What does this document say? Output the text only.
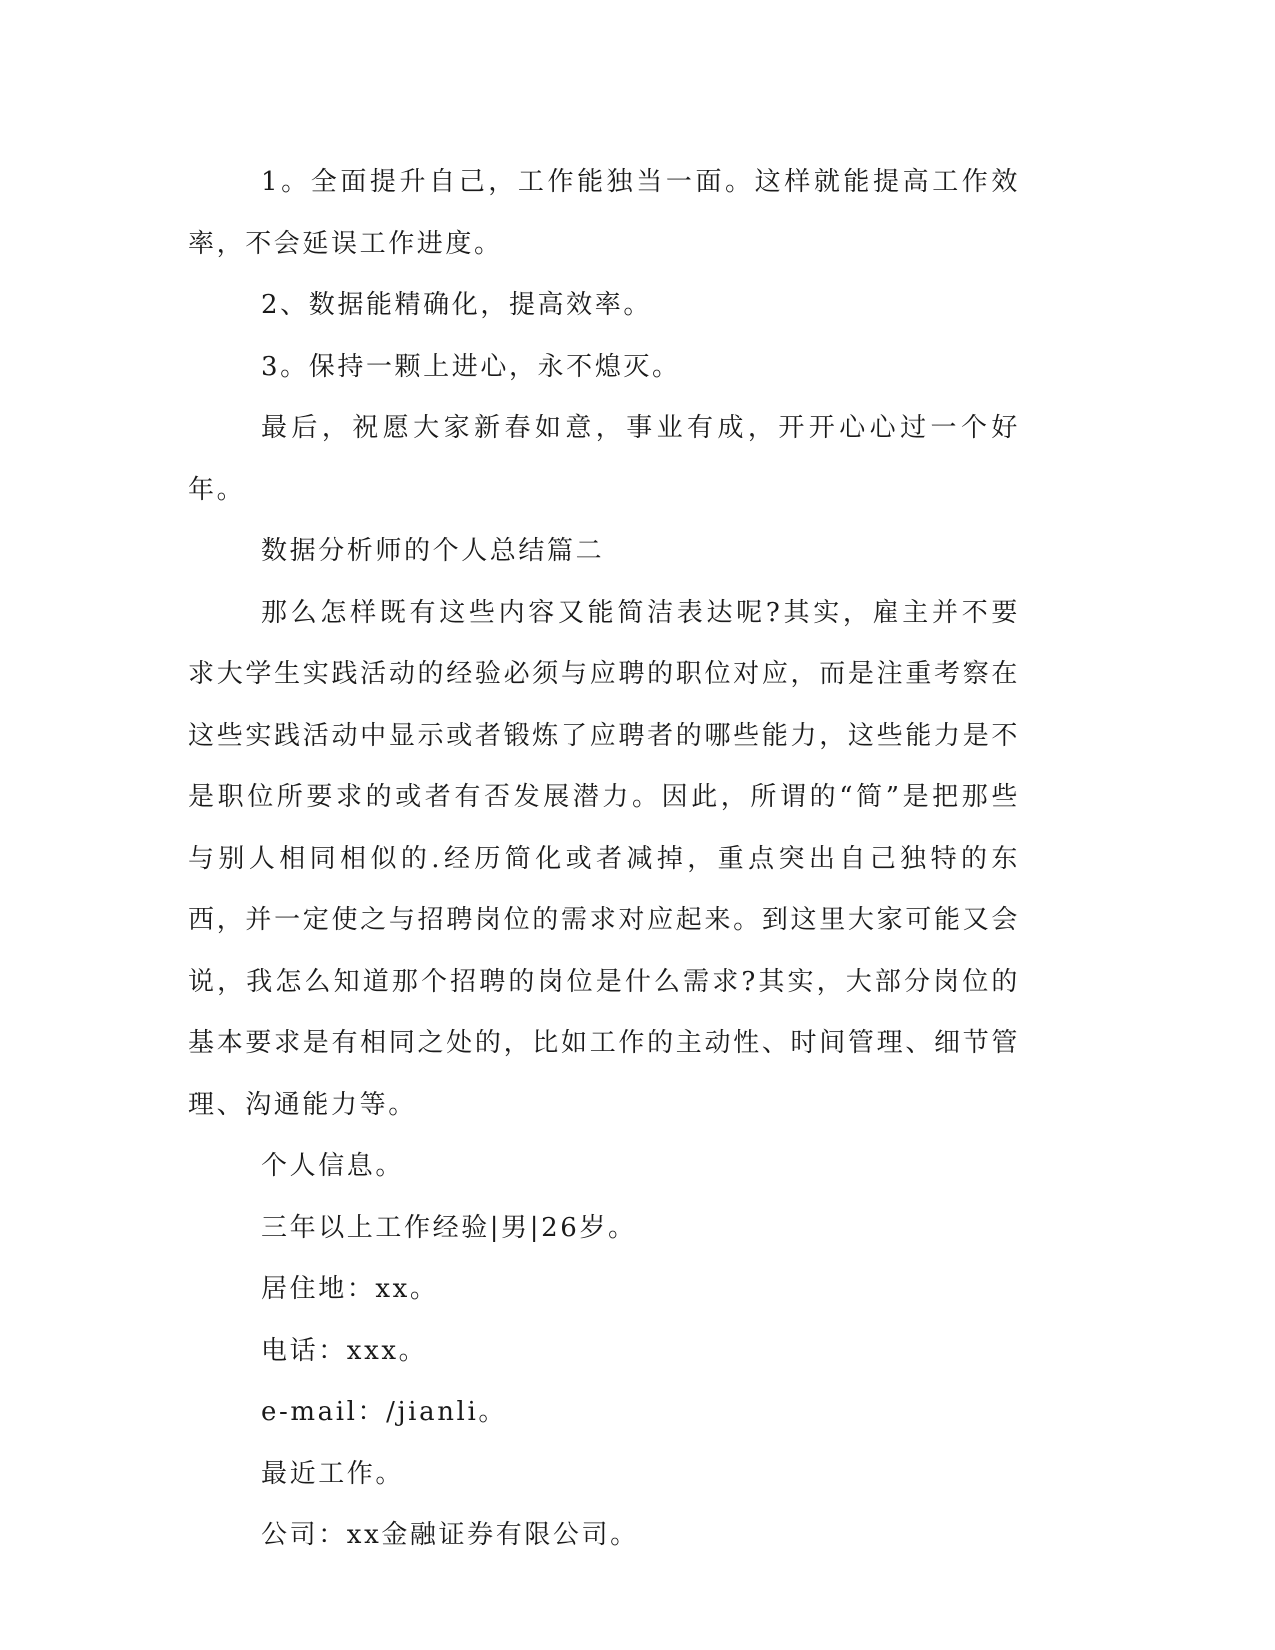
1。全面提升自己，工作能独当一面。这样就能提高工作效率，不会延误工作进度。

2、数据能精确化，提高效率。

3。保持一颗上进心，永不熄灭。

最后，祝愿大家新春如意，事业有成，开开心心过一个好年。

数据分析师的个人总结篇二

那么怎样既有这些内容又能简洁表达呢?其实，雇主并不要求大学生实践活动的经验必须与应聘的职位对应，而是注重考察在这些实践活动中显示或者锻炼了应聘者的哪些能力，这些能力是不是职位所要求的或者有否发展潜力。因此，所谓的“简”是把那些与别人相同相似的.经历简化或者减掉，重点突出自己独特的东西，并一定使之与招聘岗位的需求对应起来。到这里大家可能又会说，我怎么知道那个招聘的岗位是什么需求?其实，大部分岗位的基本要求是有相同之处的，比如工作的主动性、时间管理、细节管理、沟通能力等。

个人信息。

三年以上工作经验|男|26岁。

居住地：xx。

电话：xxx。

e-mail：/jianli。

最近工作。

公司：xx金融证券有限公司。
